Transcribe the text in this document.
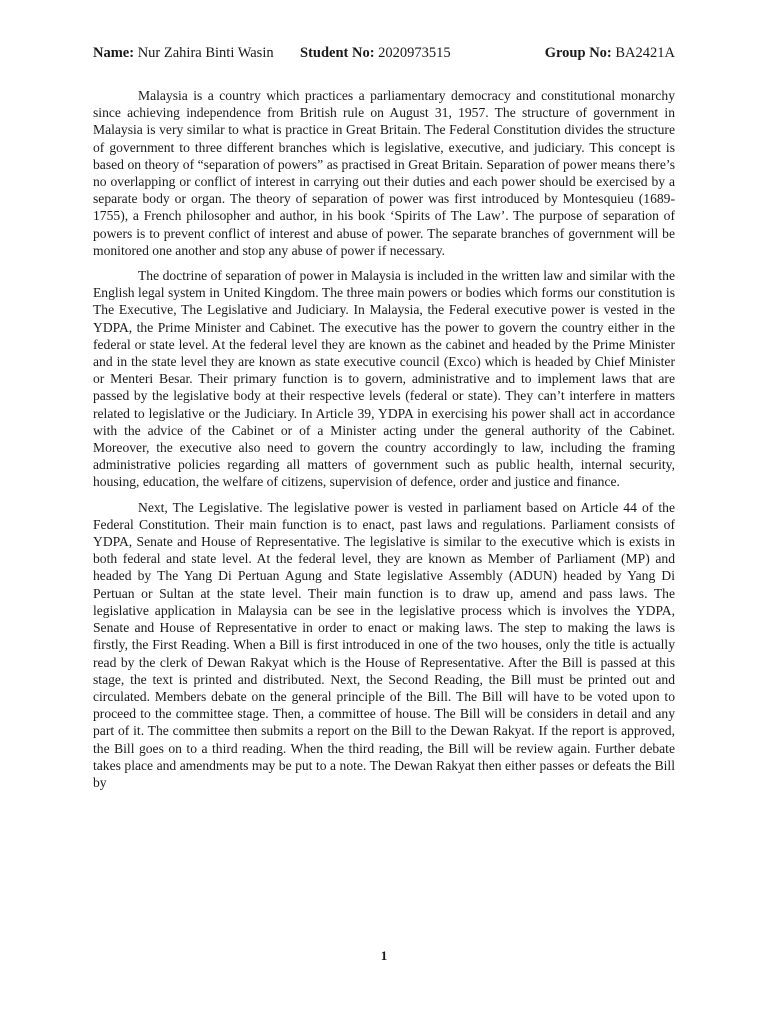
Name: Nur Zahira Binti Wasin Student No: 2020973515	Group No: BA2421A

Malaysia is a country which practices a parliamentary democracy and constitutional monarchy since achieving independence from British rule on August 31, 1957. The structure of government in Malaysia is very similar to what is practice in Great Britain. The Federal Constitution divides the structure of government to three different branches which is legislative, executive, and judiciary. This concept is based on theory of “separation of powers” as practised in Great Britain. Separation of power means there’s no overlapping or conflict of interest in carrying out their duties and each power should be exercised by a separate body or organ. The theory of separation of power was first introduced by Montesquieu (1689-1755), a French philosopher and author, in his book ‘Spirits of The Law’. The purpose of separation of powers is to prevent conflict of interest and abuse of power. The separate branches of government will be monitored one another and stop any abuse of power if necessary.

The doctrine of separation of power in Malaysia is included in the written law and similar with the English legal system in United Kingdom. The three main powers or bodies which forms our constitution is The Executive, The Legislative and Judiciary. In Malaysia, the Federal executive power is vested in the YDPA, the Prime Minister and Cabinet. The executive has the power to govern the country either in the federal or state level. At the federal level they are known as the cabinet and headed by the Prime Minister and in the state level they are known as state executive council (Exco) which is headed by Chief Minister or Menteri Besar. Their primary function is to govern, administrative and to implement laws that are passed by the legislative body at their respective levels (federal or state). They can’t interfere in matters related to legislative or the Judiciary. In Article 39, YDPA in exercising his power shall act in accordance with the advice of the Cabinet or of a Minister acting under the general authority of the Cabinet. Moreover, the executive also need to govern the country accordingly to law, including the framing administrative policies regarding all matters of government such as public health, internal security, housing, education, the welfare of citizens, supervision of defence, order and justice and finance.

Next, The Legislative. The legislative power is vested in parliament based on Article 44 of the Federal Constitution. Their main function is to enact, past laws and regulations. Parliament consists of YDPA, Senate and House of Representative. The legislative is similar to the executive which is exists in both federal and state level. At the federal level, they are known as Member of Parliament (MP) and headed by The Yang Di Pertuan Agung and State legislative Assembly (ADUN) headed by Yang Di Pertuan or Sultan at the state level. Their main function is to draw up, amend and pass laws. The legislative application in Malaysia can be see in the legislative process which is involves the YDPA, Senate and House of Representative in order to enact or making laws. The step to making the laws is firstly, the First Reading. When a Bill is first introduced in one of the two houses, only the title is actually read by the clerk of Dewan Rakyat which is the House of Representative. After the Bill is passed at this stage, the text is printed and distributed. Next, the Second Reading, the Bill must be printed out and circulated. Members debate on the general principle of the Bill. The Bill will have to be voted upon to proceed to the committee stage. Then, a committee of house. The Bill will be considers in detail and any part of it. The committee then submits a report on the Bill to the Dewan Rakyat. If the report is approved, the Bill goes on to a third reading. When the third reading, the Bill will be review again. Further debate takes place and amendments may be put to a note. The Dewan Rakyat then either passes or defeats the Bill by

1
